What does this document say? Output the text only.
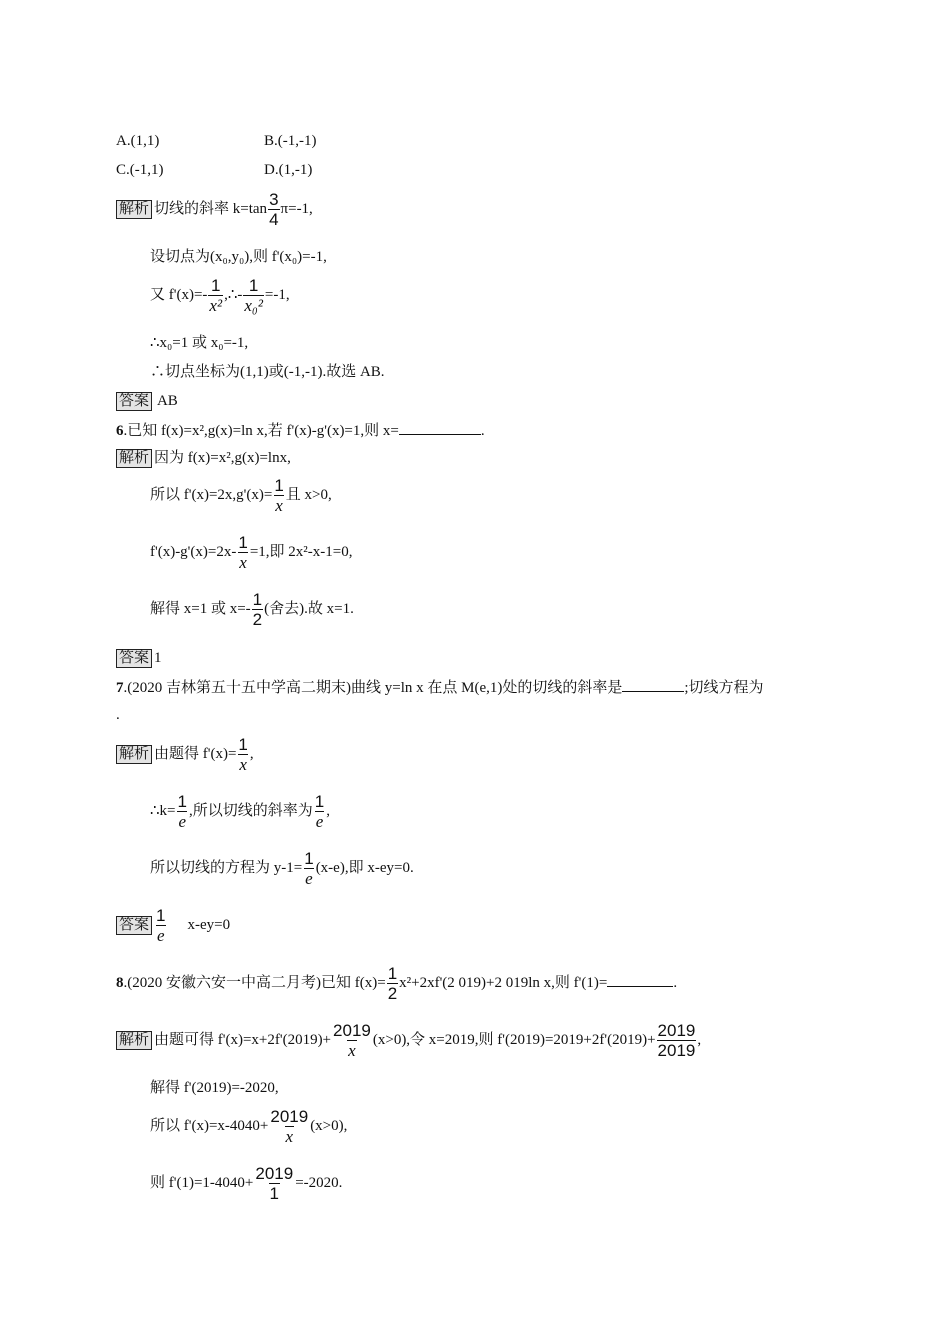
A.(1,1)	B.(-1,-1)
C.(-1,1)	D.(1,-1)
解析 切线的斜率 $k=\tan \frac{3}{4} \pi=-1$,
设切点为(x₀,y₀),则 f'(x₀)=-1,
又 $f'(x)=- \frac{1}{\text{x²}}$ ,∴- $\frac{1}{\text{x₀²}} =-1$,
∴x₀=1 或 x₀=-1,
∴切点坐标为(1,1)或(-1,-1).故选 AB.
答案 AB
6.已知 f(x)=x²,g(x)=ln x,若 f'(x)-g'(x)=1,则 x=	.
解析 因为 f(x)=x²,g(x)=lnx,
所以 $f'(x)=2x,g'(x)= \frac{1}{x}$ 且 x>0,
$f'(x)-g'(x)=2x- \frac{1}{x} =1$,即 2x²-x-1=0,
解得 x=1 或 $x=- \frac{1}{2}$ (舍去).故 x=1.
答案 1
7.(2020 吉林第五十五中学高二期末)曲线 y=ln x 在点 M(e,1)处的切线的斜率是	;切线方程为
.
解析 由题得 $f'(x)= \frac{1}{x}$ ,
∴k= $\frac{1}{e}$ ,所以切线的斜率为 $\frac{1}{e}$ ,
所以切线的方程为 $y-1= \frac{1}{e} (x-e)$,即 x-ey=0.
答案 $\frac{1}{e} x-ey=0$
8.(2020 安徽六安一中高二月考)已知 $f(x)= \frac{1}{2} x^2+2xf'(2$ 019)+2 019ln x,则 f'(1)=	.
解析 由题可得 $f'(x)=x+2f'(2019)+ \frac{2019}{x} (x>0)$,令 x=2019,则 $f'(2019)=2019+2f'(2019)+ \frac{2019}{2019}$ ,
解得 f'(2019)=-2020,
所以 $f'(x)=x-4040+ \frac{2019}{x} (x>0)$,
则 $f'(1)=1-4040+ \frac{2019}{1} =-2020$.
